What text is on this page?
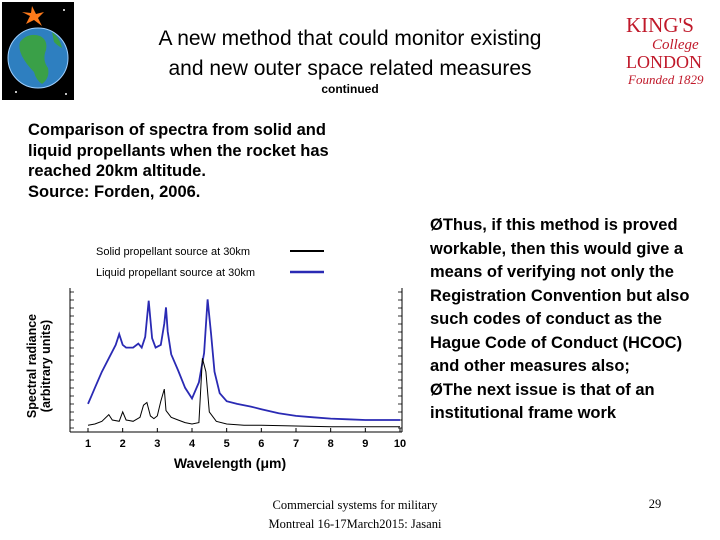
A new method that could monitor existing
and new outer space related measures
continued
KING'S
College
LONDON
Founded 1829
Comparison of spectra from solid and
liquid propellants when the rocket has
reached 20km altitude.
Source: Forden, 2006.
ØThus, if this method is proved workable, then this would give a means of verifying not only the Registration Convention but also such codes of conduct as the Hague Code of Conduct (HCOC) and other measures also;
ØThe next issue is that of an institutional frame work
Solid propellant source at 30km
Liquid propellant source at 30km
1	2	3	4	5	6	7	8	9 10
Wavelength (μm)
Spectral radiance (arbitrary units)
Commercial systems for military
Montreal 16-17March2015: Jasani
29
